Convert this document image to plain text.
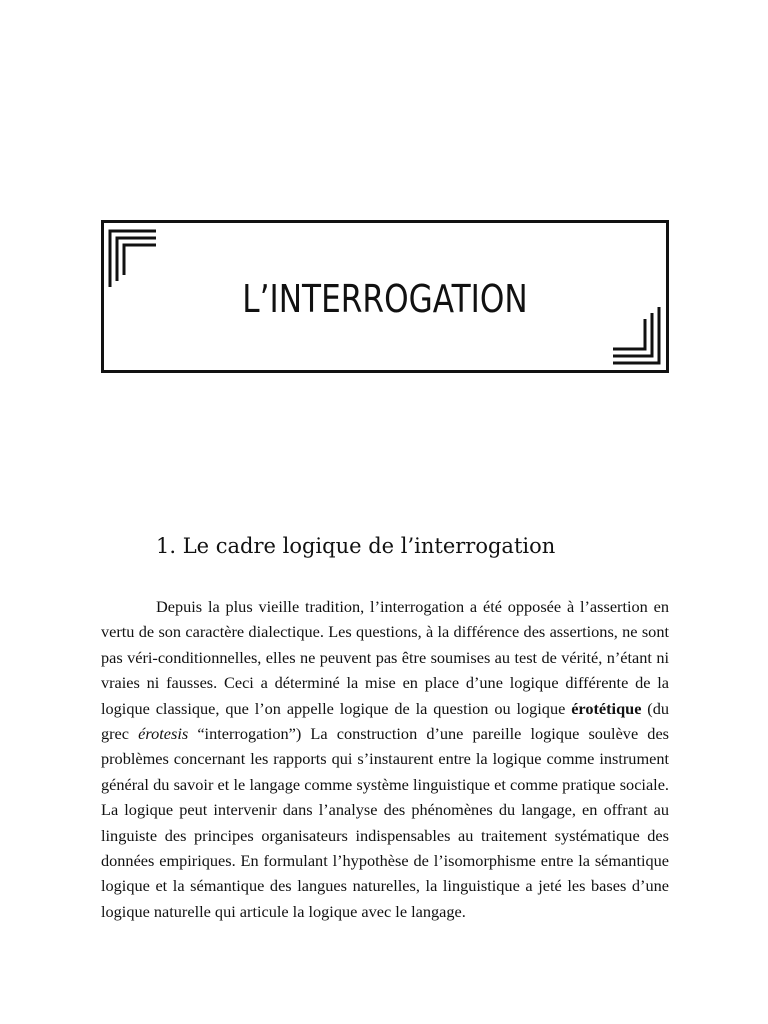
L’INTERROGATION
1. Le cadre logique de l’interrogation

Depuis la plus vieille tradition, l’interrogation a été opposée à l’assertion en vertu de son caractère dialectique. Les questions, à la différence des assertions, ne sont pas véri-conditionnelles, elles ne peuvent pas être soumises au test de vérité, n’étant ni vraies ni fausses. Ceci a déterminé la mise en place d’une logique différente de la logique classique, que l’on appelle logique de la question ou logique érotétique (du grec érotesis “interrogation”) La construction d’une pareille logique soulève des problèmes concernant les rapports qui s’instaurent entre la logique comme instrument général du savoir et le langage comme système linguistique et comme pratique sociale. La logique peut intervenir dans l’analyse des phénomènes du langage, en offrant au linguiste des principes organisateurs indispensables au traitement systématique des données empiriques. En formulant l’hypothèse de l’isomorphisme entre la sémantique logique et la sémantique des langues naturelles, la linguistique a jeté les bases d’une logique naturelle qui articule la logique avec le langage.
